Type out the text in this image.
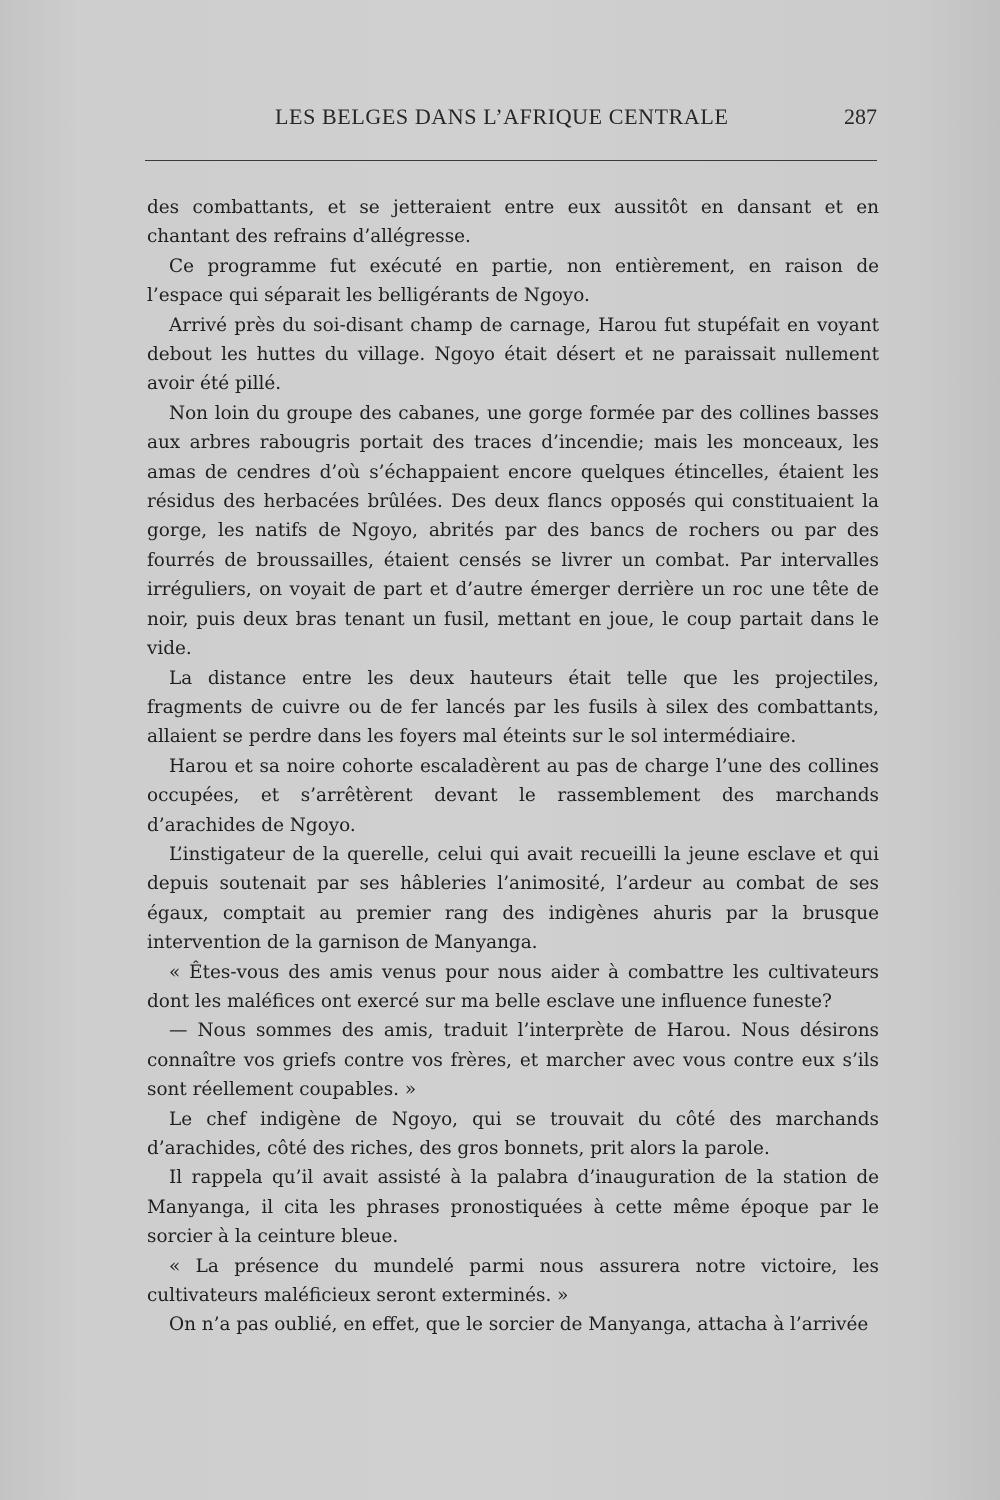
LES BELGES DANS L’AFRIQUE CENTRALE	287

des combattants, et se jetteraient entre eux aussitôt en dansant et en chantant des refrains d’allégresse.

Ce programme fut exécuté en partie, non entièrement, en raison de l’espace qui séparait les belligérants de Ngoyo.

Arrivé près du soi-disant champ de carnage, Harou fut stupéfait en voyant debout les huttes du village. Ngoyo était désert et ne paraissait nullement avoir été pillé.

Non loin du groupe des cabanes, une gorge formée par des collines basses aux arbres rabougris portait des traces d’incendie; mais les monceaux, les amas de cendres d’où s’échappaient encore quelques étincelles, étaient les résidus des herbacées brûlées. Des deux flancs opposés qui constituaient la gorge, les natifs de Ngoyo, abrités par des bancs de rochers ou par des fourrés de broussailles, étaient censés se livrer un combat. Par intervalles irréguliers, on voyait de part et d’autre émerger derrière un roc une tête de noir, puis deux bras tenant un fusil, mettant en joue, le coup partait dans le vide.

La distance entre les deux hauteurs était telle que les projectiles, fragments de cuivre ou de fer lancés par les fusils à silex des combattants, allaient se perdre dans les foyers mal éteints sur le sol intermédiaire.

Harou et sa noire cohorte escaladèrent au pas de charge l’une des collines occupées, et s’arrêtèrent devant le rassemblement des marchands d’arachides de Ngoyo.

L’instigateur de la querelle, celui qui avait recueilli la jeune esclave et qui depuis soutenait par ses hâbleries l’animosité, l’ardeur au combat de ses égaux, comptait au premier rang des indigènes ahuris par la brusque intervention de la garnison de Manyanga.

« Êtes-vous des amis venus pour nous aider à combattre les cultivateurs dont les maléfices ont exercé sur ma belle esclave une influence funeste?

— Nous sommes des amis, traduit l’interprète de Harou. Nous désirons connaître vos griefs contre vos frères, et marcher avec vous contre eux s’ils sont réellement coupables. »

Le chef indigène de Ngoyo, qui se trouvait du côté des marchands d’arachides, côté des riches, des gros bonnets, prit alors la parole.

Il rappela qu’il avait assisté à la palabra d’inauguration de la station de Manyanga, il cita les phrases pronostiquées à cette même époque par le sorcier à la ceinture bleue.

« La présence du mundelé parmi nous assurera notre victoire, les cultivateurs maléficieux seront exterminés. »

On n’a pas oublié, en effet, que le sorcier de Manyanga, attacha à l’arrivée
